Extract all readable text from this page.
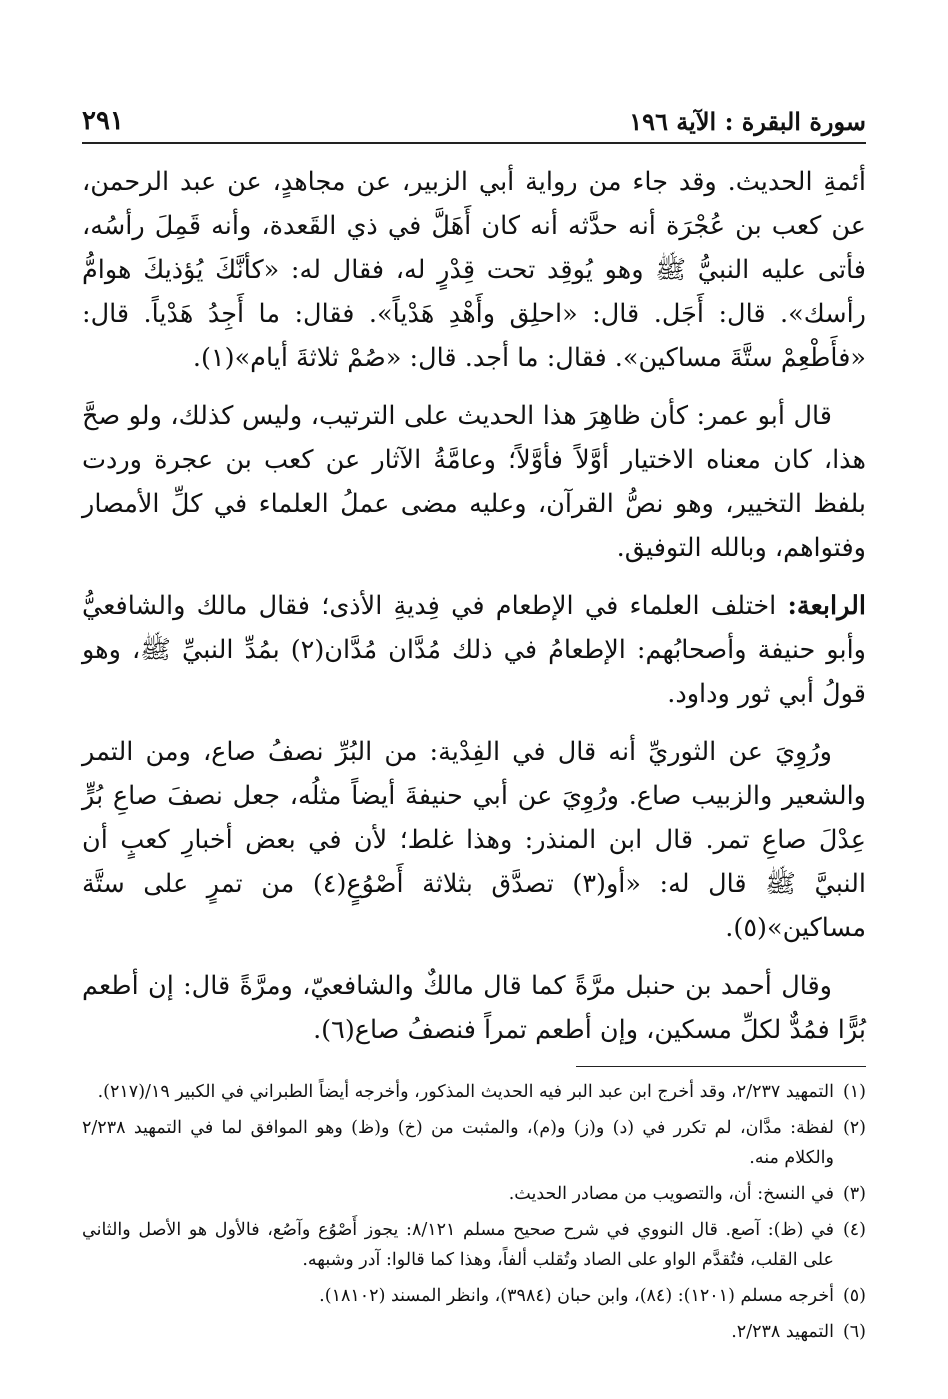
سورة البقرة : الآية ١٩٦
٢٩١

أئمةِ الحديث. وقد جاء من رواية أبي الزبير، عن مجاهدٍ، عن عبد الرحمن، عن كعب بن عُجْرَة أنه حدَّثه أنه كان أَهَلَّ في ذي القَعدة، وأنه قَمِلَ رأسُه، فأتى عليه النبيُّ ﷺ وهو يُوقِد تحت قِدْرٍ له، فقال له: «كأنَّكَ يُؤذيكَ هوامُّ رأسك». قال: أَجَل. قال: «احلِق وأَهْدِ هَدْياً». فقال: ما أَجِدُ هَدْياً. قال: «فأَطْعِمْ ستَّةَ مساكين». فقال: ما أجد. قال: «صُمْ ثلاثةَ أيام»(١).

قال أبو عمر: كأن ظاهِرَ هذا الحديث على الترتيب، وليس كذلك، ولو صحَّ هذا، كان معناه الاختيار أوَّلاً فأوَّلاً؛ وعامَّةُ الآثار عن كعب بن عجرة وردت بلفظ التخيير، وهو نصُّ القرآن، وعليه مضى عملُ العلماء في كلِّ الأمصار وفتواهم، وبالله التوفيق.

الرابعة: اختلف العلماء في الإطعام في فِديةِ الأذى؛ فقال مالك والشافعيُّ وأبو حنيفة وأصحابُهم: الإطعامُ في ذلك مُدَّان مُدَّان(٢) بمُدِّ النبيِّ ﷺ، وهو قولُ أبي ثور وداود.

ورُوِيَ عن الثوريِّ أنه قال في الفِدْية: من البُرِّ نصفُ صاع، ومن التمر والشعير والزبيب صاع. ورُوِيَ عن أبي حنيفةَ أيضاً مثلُه، جعل نصفَ صاعِ بُرٍّ عِدْلَ صاعِ تمر. قال ابن المنذر: وهذا غلط؛ لأن في بعض أخبارِ كعبٍ أن النبيَّ ﷺ قال له: «أو(٣) تصدَّق بثلاثة أَصْوُعٍ(٤) من تمرٍ على ستَّة مساكين»(٥).

وقال أحمد بن حنبل مرَّةً كما قال مالكٌ والشافعيّ، ومرَّةً قال: إن أطعم بُرًّا فمُدٌّ لكلِّ مسكين، وإن أطعم تمراً فنصفُ صاع(٦).

(١)
التمهيد ٢/٢٣٧، وقد أخرج ابن عبد البر فيه الحديث المذكور، وأخرجه أيضاً الطبراني في الكبير ١٩/(٢١٧).
(٢)
لفظة: مدَّان، لم تكرر في (د) و(ز) و(م)، والمثبت من (خ) و(ظ) وهو الموافق لما في التمهيد ٢/٢٣٨ والكلام منه.
(٣)
في النسخ: أن، والتصويب من مصادر الحديث.
(٤)
في (ظ): آصع. قال النووي في شرح صحيح مسلم ٨/١٢١: يجوز أَصْوُع وآصُع، فالأول هو الأصل والثاني على القلب، فتُقدَّم الواو على الصاد وتُقلب ألفاً، وهذا كما قالوا: آدر وشبهه.
(٥)
أخرجه مسلم (١٢٠١): (٨٤)، وابن حبان (٣٩٨٤)، وانظر المسند (١٨١٠٢).
(٦)
التمهيد ٢/٢٣٨.
